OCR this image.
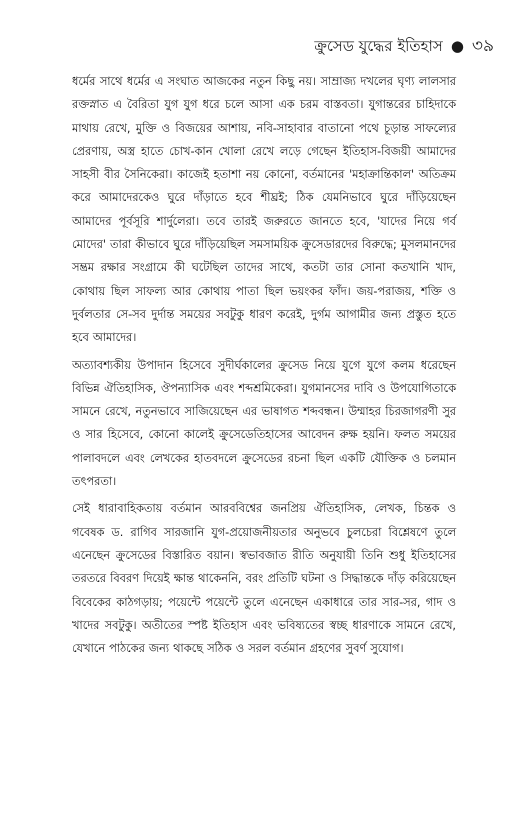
ক্রুসেড যুদ্ধের ইতিহাস ● ৩৯

ধর্মের সাথে ধর্মের এ সংঘাত আজকের নতুন কিছু নয়। সাম্রাজ্য দখলের ঘৃণ্য লালসার রক্তস্নাত এ বৈরিতা যুগ যুগ ধরে চলে আসা এক চরম বাস্তবতা। যুগান্তরের চাহিদাকে মাথায় রেখে, মুক্তি ও বিজয়ের আশায়, নবি-সাহাবার বাতানো পথে চূড়ান্ত সাফল্যের প্রেরণায়, অস্ত্র হাতে চোখ-কান খোলা রেখে লড়ে গেছেন ইতিহাস-বিজয়ী আমাদের সাহসী বীর সৈনিকেরা। কাজেই হতাশা নয় কোনো, বর্তমানের 'মহাক্রান্তিকাল' অতিক্রম করে আমাদেরকেও ঘুরে দাঁড়াতে হবে শীঘ্রই; ঠিক যেমনিভাবে ঘুরে দাঁড়িয়েছেন আমাদের পূর্বসূরি শার্দুলেরা। তবে তারই জরুরতে জানতে হবে, 'যাদের নিয়ে গর্ব মোদের' তারা কীভাবে ঘুরে দাঁড়িয়েছিল সমসাময়িক ক্রুসেডারদের বিরুদ্ধে; মুসলমানদের সম্ভ্রম রক্ষার সংগ্রামে কী ঘটেছিল তাদের সাথে, কতটা তার সোনা কতখানি খাদ, কোথায় ছিল সাফল্য আর কোথায় পাতা ছিল ভয়ংকর ফাঁদ। জয়-পরাজয়, শক্তি ও দুর্বলতার সে-সব দুর্দান্ত সময়ের সবটুকু ধারণ করেই, দুর্গম আগামীর জন্য প্রস্তুত হতে হবে আমাদের।

অত্যাবশ্যকীয় উপাদান হিসেবে সুদীর্ঘকালের ক্রুসেড নিয়ে যুগে যুগে কলম ধরেছেন বিভিন্ন ঐতিহাসিক, ঔপন্যাসিক এবং শব্দশ্রমিকেরা। যুগমানসের দাবি ও উপযোগিতাকে সামনে রেখে, নতুনভাবে সাজিয়েছেন এর ভাষাগত শব্দবন্ধন। উম্মাহর চিরজাগরণী সুর ও সার হিসেবে, কোনো কালেই ক্রুসেডেতিহাসের আবেদন রুক্ষ হয়নি। ফলত সময়ের পালাবদলে এবং লেখকের হাতবদলে ক্রুসেডের রচনা ছিল একটি যৌক্তিক ও চলমান তৎপরতা।

সেই ধারাবাহিকতায় বর্তমান আরববিশ্বের জনপ্রিয় ঐতিহাসিক, লেখক, চিন্তক ও গবেষক ড. রাগিব সারজানি যুগ-প্রয়োজনীয়তার অনুভবে চুলচেরা বিশ্লেষণে তুলে এনেছেন ক্রুসেডের বিস্তারিত বয়ান। স্বভাবজাত রীতি অনুযায়ী তিনি শুধু ইতিহাসের তরতরে বিবরণ দিয়েই ক্ষান্ত থাকেননি, বরং প্রতিটি ঘটনা ও সিদ্ধান্তকে দাঁড় করিয়েছেন বিবেকের কাঠগড়ায়; পয়েন্টে পয়েন্টে তুলে এনেছেন একাধারে তার সার-সর, গাদ ও খাদের সবটুকু। অতীতের স্পষ্ট ইতিহাস এবং ভবিষ্যতের স্বচ্ছ ধারণাকে সামনে রেখে, যেখানে পাঠকের জন্য থাকছে সঠিক ও সরল বর্তমান গ্রহণের সুবর্ণ সুযোগ।
